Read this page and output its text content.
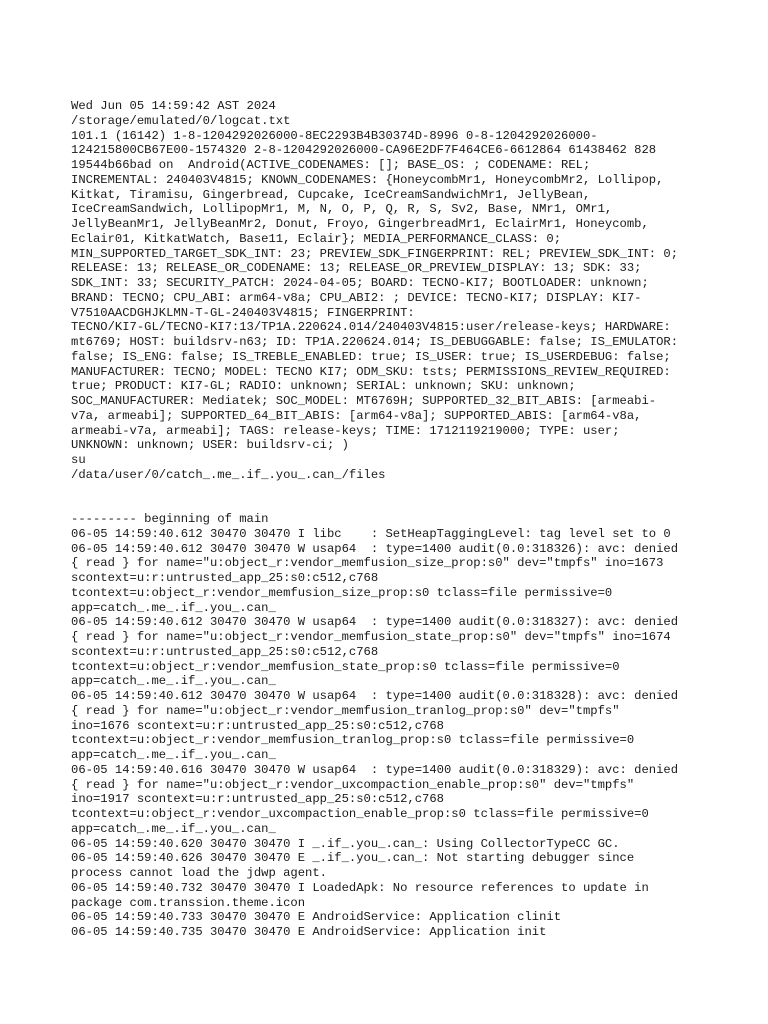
Wed Jun 05 14:59:42 AST 2024
/storage/emulated/0/logcat.txt
101.1 (16142) 1-8-1204292026000-8EC2293B4B30374D-8996 0-8-1204292026000-
124215800CB67E00-1574320 2-8-1204292026000-CA96E2DF7F464CE6-6612864 61438462 828
19544b66bad on  Android(ACTIVE_CODENAMES: []; BASE_OS: ; CODENAME: REL;
INCREMENTAL: 240403V4815; KNOWN_CODENAMES: {HoneycombMr1, HoneycombMr2, Lollipop,
Kitkat, Tiramisu, Gingerbread, Cupcake, IceCreamSandwichMr1, JellyBean,
IceCreamSandwich, LollipopMr1, M, N, O, P, Q, R, S, Sv2, Base, NMr1, OMr1,
JellyBeanMr1, JellyBeanMr2, Donut, Froyo, GingerbreadMr1, EclairMr1, Honeycomb,
Eclair01, KitkatWatch, Base11, Eclair}; MEDIA_PERFORMANCE_CLASS: 0;
MIN_SUPPORTED_TARGET_SDK_INT: 23; PREVIEW_SDK_FINGERPRINT: REL; PREVIEW_SDK_INT: 0;
RELEASE: 13; RELEASE_OR_CODENAME: 13; RELEASE_OR_PREVIEW_DISPLAY: 13; SDK: 33;
SDK_INT: 33; SECURITY_PATCH: 2024-04-05; BOARD: TECNO-KI7; BOOTLOADER: unknown;
BRAND: TECNO; CPU_ABI: arm64-v8a; CPU_ABI2: ; DEVICE: TECNO-KI7; DISPLAY: KI7-
V7510AACDGHJKLMN-T-GL-240403V4815; FINGERPRINT:
TECNO/KI7-GL/TECNO-KI7:13/TP1A.220624.014/240403V4815:user/release-keys; HARDWARE:
mt6769; HOST: buildsrv-n63; ID: TP1A.220624.014; IS_DEBUGGABLE: false; IS_EMULATOR:
false; IS_ENG: false; IS_TREBLE_ENABLED: true; IS_USER: true; IS_USERDEBUG: false;
MANUFACTURER: TECNO; MODEL: TECNO KI7; ODM_SKU: tsts; PERMISSIONS_REVIEW_REQUIRED:
true; PRODUCT: KI7-GL; RADIO: unknown; SERIAL: unknown; SKU: unknown;
SOC_MANUFACTURER: Mediatek; SOC_MODEL: MT6769H; SUPPORTED_32_BIT_ABIS: [armeabi-
v7a, armeabi]; SUPPORTED_64_BIT_ABIS: [arm64-v8a]; SUPPORTED_ABIS: [arm64-v8a,
armeabi-v7a, armeabi]; TAGS: release-keys; TIME: 1712119219000; TYPE: user;
UNKNOWN: unknown; USER: buildsrv-ci; )
su
/data/user/0/catch_.me_.if_.you_.can_/files
--------- beginning of main
06-05 14:59:40.612 30470 30470 I libc    : SetHeapTaggingLevel: tag level set to 0
06-05 14:59:40.612 30470 30470 W usap64  : type=1400 audit(0.0:318326): avc: denied
{ read } for name="u:object_r:vendor_memfusion_size_prop:s0" dev="tmpfs" ino=1673
scontext=u:r:untrusted_app_25:s0:c512,c768
tcontext=u:object_r:vendor_memfusion_size_prop:s0 tclass=file permissive=0
app=catch_.me_.if_.you_.can_
06-05 14:59:40.612 30470 30470 W usap64  : type=1400 audit(0.0:318327): avc: denied
{ read } for name="u:object_r:vendor_memfusion_state_prop:s0" dev="tmpfs" ino=1674
scontext=u:r:untrusted_app_25:s0:c512,c768
tcontext=u:object_r:vendor_memfusion_state_prop:s0 tclass=file permissive=0
app=catch_.me_.if_.you_.can_
06-05 14:59:40.612 30470 30470 W usap64  : type=1400 audit(0.0:318328): avc: denied
{ read } for name="u:object_r:vendor_memfusion_tranlog_prop:s0" dev="tmpfs"
ino=1676 scontext=u:r:untrusted_app_25:s0:c512,c768
tcontext=u:object_r:vendor_memfusion_tranlog_prop:s0 tclass=file permissive=0
app=catch_.me_.if_.you_.can_
06-05 14:59:40.616 30470 30470 W usap64  : type=1400 audit(0.0:318329): avc: denied
{ read } for name="u:object_r:vendor_uxcompaction_enable_prop:s0" dev="tmpfs"
ino=1917 scontext=u:r:untrusted_app_25:s0:c512,c768
tcontext=u:object_r:vendor_uxcompaction_enable_prop:s0 tclass=file permissive=0
app=catch_.me_.if_.you_.can_
06-05 14:59:40.620 30470 30470 I _.if_.you_.can_: Using CollectorTypeCC GC.
06-05 14:59:40.626 30470 30470 E _.if_.you_.can_: Not starting debugger since
process cannot load the jdwp agent.
06-05 14:59:40.732 30470 30470 I LoadedApk: No resource references to update in
package com.transsion.theme.icon
06-05 14:59:40.733 30470 30470 E AndroidService: Application clinit
06-05 14:59:40.735 30470 30470 E AndroidService: Application init
